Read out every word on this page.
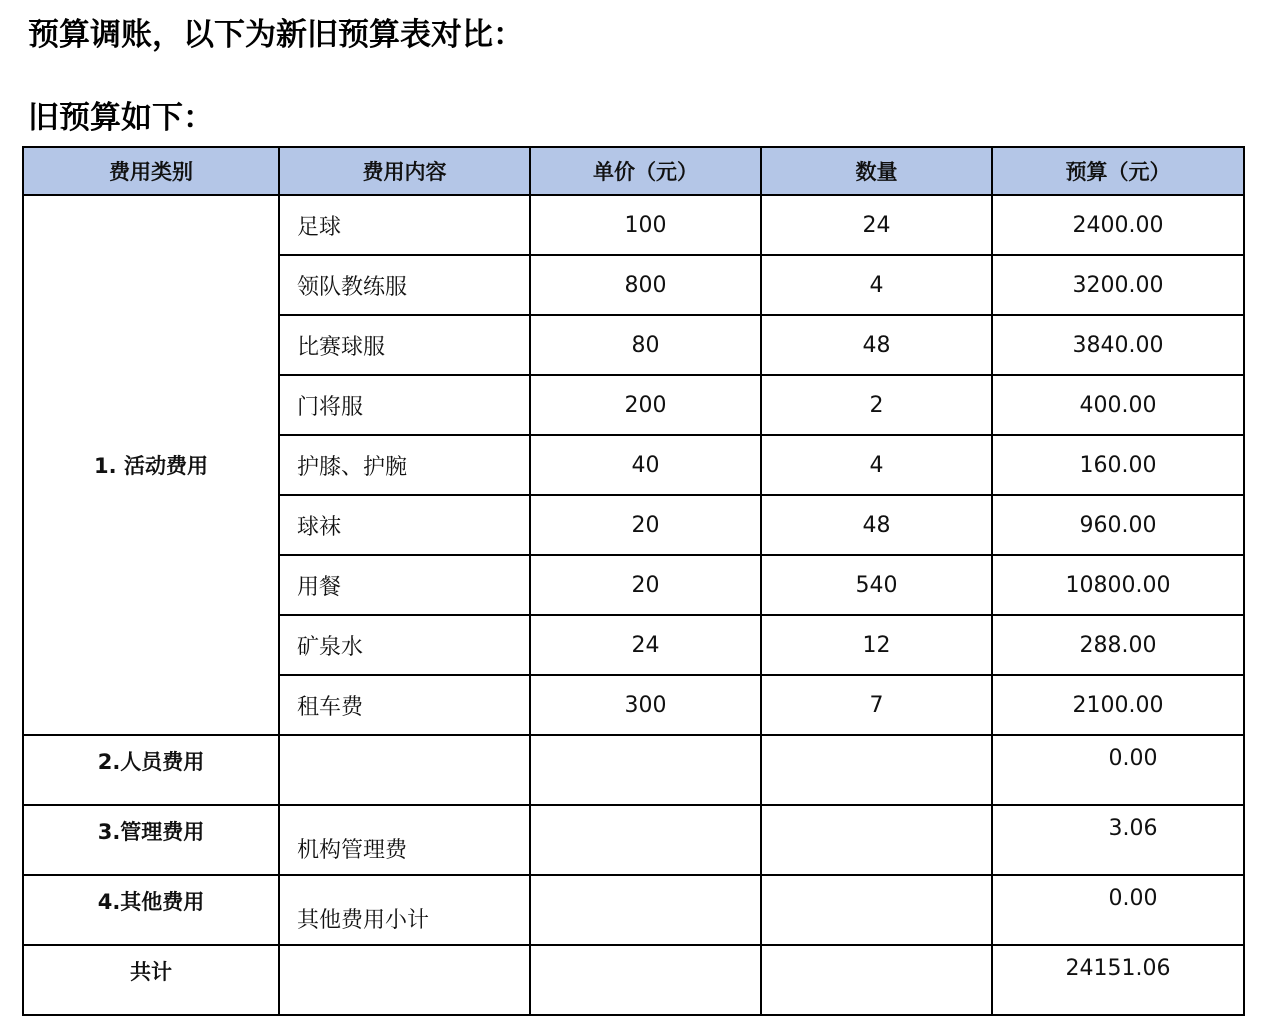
预算调账，以下为新旧预算表对比：
旧预算如下：
费用类别	费用内容	单价（元）	数量	预算（元）
1. 活动费用	足球	100	24	2400.00
	领队教练服	800	4	3200.00
	比赛球服	80	48	3840.00
	门将服	200	2	400.00
	护膝、护腕	40	4	160.00
	球袜	20	48	960.00
	用餐	20	540	10800.00
	矿泉水	24	12	288.00
	租车费	300	7	2100.00
2.人员费用				0.00
3.管理费用	机构管理费			3.06
4.其他费用	其他费用小计			0.00
共计				24151.06
